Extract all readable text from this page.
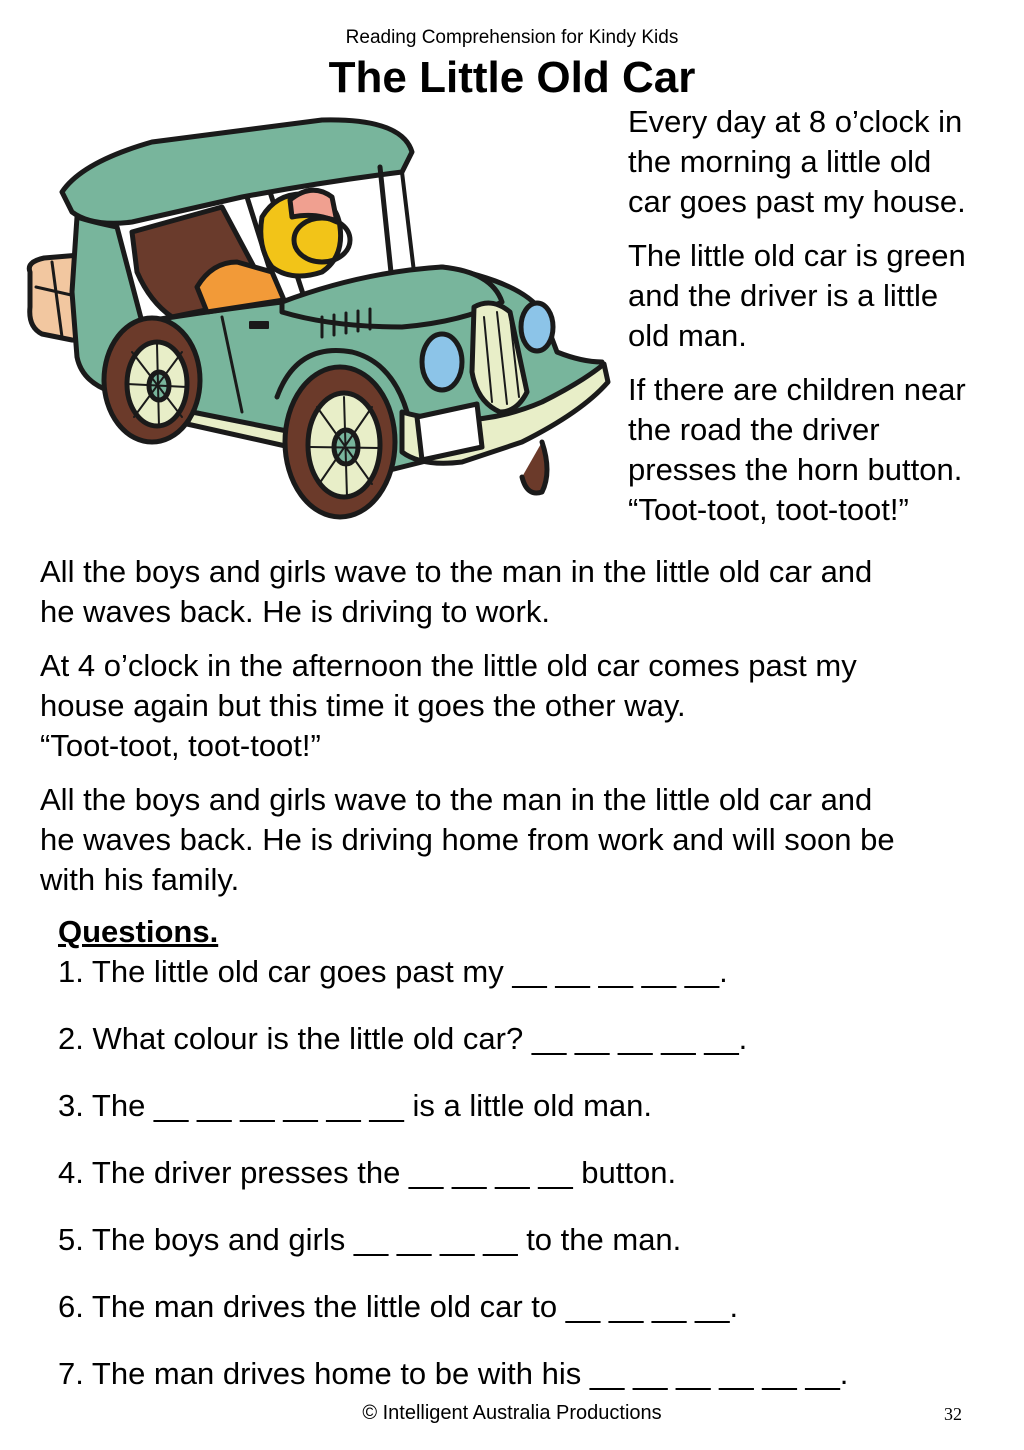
Reading Comprehension for Kindy Kids
The Little Old Car

Every day at 8 o’clock in
the morning a little old
car goes past my house.

The little old car is green
and the driver is a little
old man.

If there are children near
the road the driver
presses the horn button.
“Toot-toot, toot-toot!”

All the boys and girls wave to the man in the little old car and
he waves back. He is driving to work.

At 4 o’clock in the afternoon the little old car comes past my
house again but this time it goes the other way.
“Toot-toot, toot-toot!”

All the boys and girls wave to the man in the little old car and
he waves back. He is driving home from work and will soon be
with his family.

Questions.
1. The little old car goes past my __ __ __ __ __.
2. What colour is the little old car? __ __ __ __ __.
3. The __ __ __ __ __ __ is a little old man.
4. The driver presses the __ __ __ __ button.
5. The boys and girls __ __ __ __ to the man.
6. The man drives the little old car to __ __ __ __.
7. The man drives home to be with his __ __ __ __ __ __.
© Intelligent Australia Productions	32
